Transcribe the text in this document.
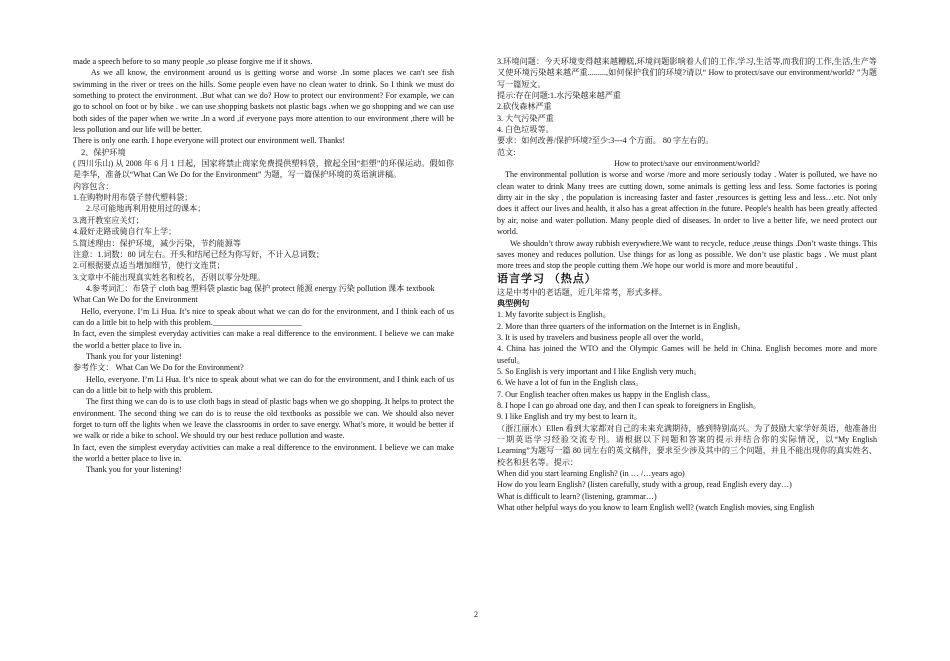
made a speech before to so many people ,so please forgive me if it shows.

As we all know, the environment around us is getting worse and worse .In some places we can't see fish swimming in the river or trees on the hills. Some people even have no clean water to drink. So I think we must do something to protect the environment. .But what can we do? How to protect our environment? For example, we can go to school on foot or by bike . we can use shopping baskets not plastic bags .when we go shopping and we can use both sides of the paper when we write .In a word ,if everyone pays more attention to our environment ,there will be less pollution and our life will be better.

There is only one earth. I hope everyone will protect our environment well. Thanks!

2、保护环境

( 四川乐山) 从 2008 年 6 月 1 日起，国家将禁止商家免费提供塑料袋，掀起全国“拒塑”的环保运动。假如你是李华，准备以“What Can We Do for the Environment” 为题，写一篇保护环境的英语演讲稿。

内容包含：

1.在购物时用布袋子替代塑料袋；

2.尽可能地再利用使用过的课本；

3.离开教室应关灯；

4.最好走路或骑自行车上学；

5.简述理由：保护环境，减少污染，节约能源等

注意：1.词数：80 词左右。开头和结尾已经为你写好，不计入总词数；

2.可根据要点适当增加细节，使行文连贯；

3.文章中不能出现真实姓名和校名，否则以零分处理。

4.参考词汇：布袋子 cloth bag 塑料袋 plastic bag 保护 protect 能源 energy 污染 pollution 课本 textbook

What Can We Do for the Environment

Hello, everyone. I’m Li Hua. It’s nice to speak about what we can do for the environment, and I think each of us can do a little bit to help with this problem.______________________

In fact, even the simplest everyday activities can make a real difference to the environment. I believe we can make the world a better place to live in.

Thank you for your listening!

参考作文： What Can We Do for the Environment?

Hello, everyone. I’m Li Hua. It’s nice to speak about what we can do for the environment, and I think each of us can do a little bit to help with this problem.

The first thing we can do is to use cloth bags in stead of plastic bags when we go shopping. It helps to protect the environment. The second thing we can do is to reuse the old textbooks as possible we can. We should also never forget to turn off the lights when we leave the classrooms in order to save energy. What’s more, it would be better if we walk or ride a bike to school. We should try our best reduce pollution and waste.

In fact, even the simplest everyday activities can make a real difference to the environment. I believe we can make the world a better place to live in.

Thank you for your listening!

3.环境问题：今天环境变得越来越糟糕,环境问题影响着人们的工作,学习,生活等,而我们的工作,生活,生产等又使环境污染越来越严重.........,如何保护我们的环境?请以“ How to protect/save our environment/world? ”为题写一篇短文。

提示:存在问题:1.水污染越来越严重

2.砍伐森林严重

3. 大气污染严重

4. 白色垃圾等。

要求：如何改善/保护环境?至少:3---4 个方面。 80 字左右的。

范文:

How to protect/save our environment/world?

The environmental pollution is worse and worse /more and more seriously today . Water is polluted, we have no clean water to drink Many trees are cutting down, some animals is getting less and less. Some factories is poring dirty air in the sky , the population is increasing faster and faster ,resources is getting less and less…etc. Not only does it affect our lives and health, it also has a great affection in the future. People's health has been greatly affected by air, noise and water pollution. Many people died of diseases. In order to live a better life, we need protect our world.

We shouldn’t throw away rubbish everywhere.We want to recycle, reduce ,reuse things .Don’t waste things. This saves money and reduces pollution. Use things for as long as possible. We don’t use plastic bags . We must plant more trees and stop the people cutting them .We hope our world is more and more beautiful .

语言学习 （热点）

这是中考中的老话题，近几年常考，形式多样。

典型例句

1. My favorite subject is English。

2. More than three quarters of the information on the Internet is in English。

3. It is used by travelers and business people all over the world。

4. China has joined the WTO and the Olympic Games will be held in China. English becomes more and more useful。

5. So English is very important and I like English very much。

6. We have a lot of fun in the English class。

7. Our English teacher often makes us happy in the English class。

8. I hope I can go abroad one day, and then I can speak to foreigners in English。

9. I like English and try my best to learn it。

（浙江丽水）Ellen 看到大家都对自己的未来充满期待，感到特别高兴。为了鼓励大家学好英语，他准备出一期英语学习经验交流专刊。请根据以下问题和答案的提示并结合你的实际情况，以“My English Learning”为题写一篇 80 词左右的英文稿件，要求至少涉及其中的三个问题，并且不能出现你的真实姓名、校名和县名等。提示：

When did you start learning English? (in … /…years ago)

How do you learn English? (listen carefully, study with a group, read English every day…)

What is difficult to learn? (listening, grammar…)

What other helpful ways do you know to learn English well? (watch English movies, sing English

2
